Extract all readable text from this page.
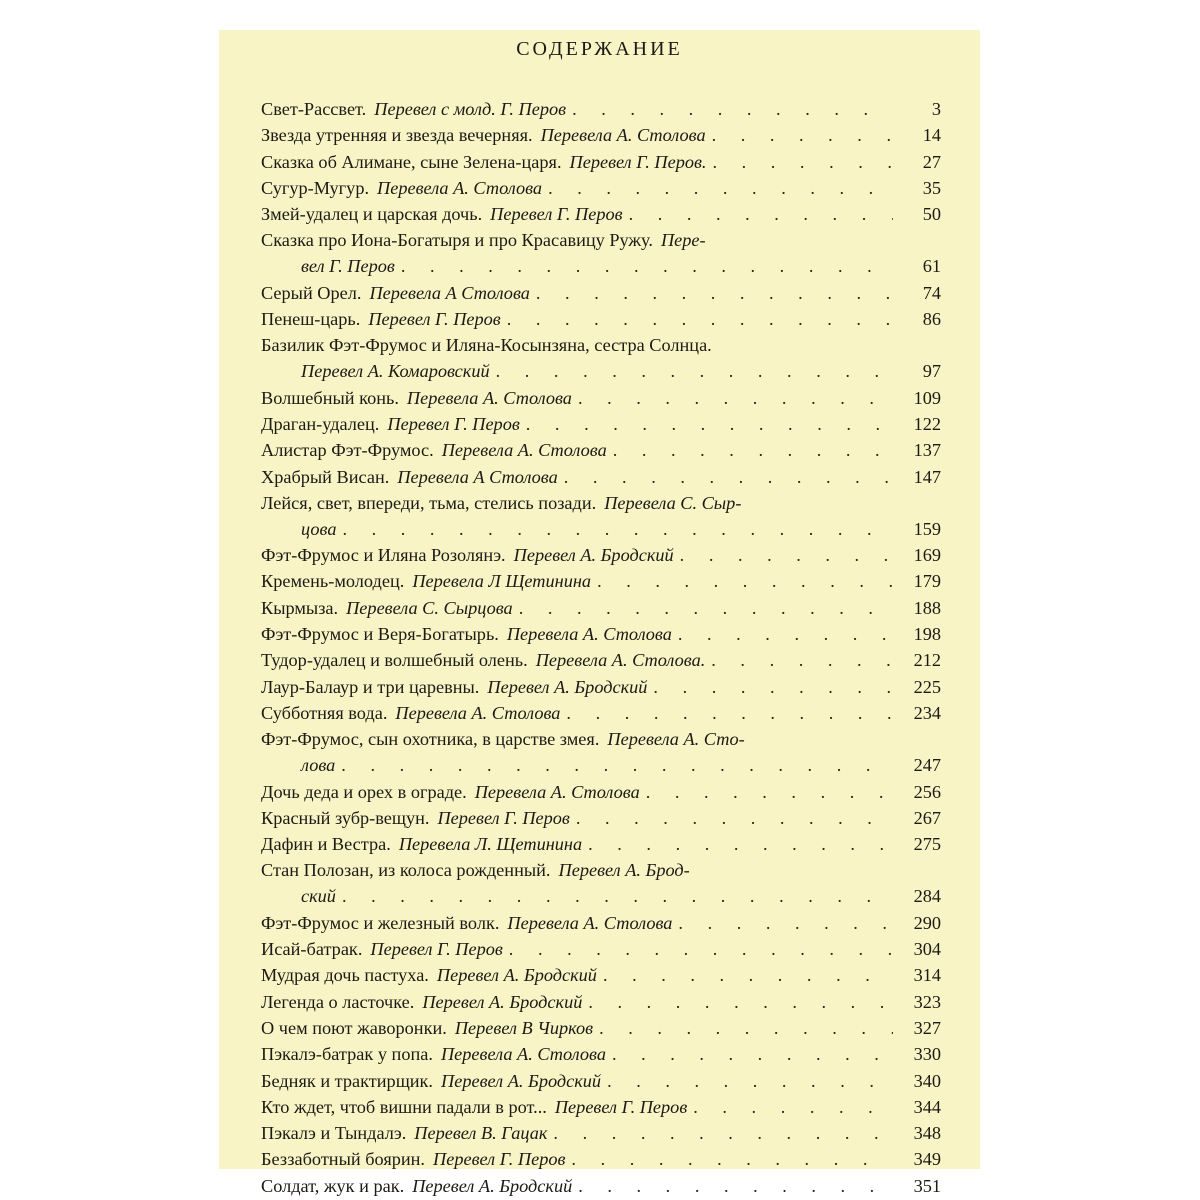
СОДЕРЖАНИЕ
Свет-Рассвет. Перевел с молд. Г. Перов . . .	3
Звезда утренняя и звезда вечерняя. Перевела А. Столова . . .	14
Сказка об Алимане, сыне Зелена-царя. Перевел Г. Перов. . . .	27
Сугур-Мугур. Перевела А. Столова . . .	35
Змей-удалец и царская дочь. Перевел Г. Перов . . .	50
Сказка про Иона-Богатыря и про Красавицу Ружу. Пере-
вел Г. Перов . . .	61
Серый Орел. Перевела А Столова . . .	74
Пенеш-царь. Перевел Г. Перов . . .	86
Базилик Фэт-Фрумос и Иляна-Косынзяна, сестра Солнца.
Перевел А. Комаровский . . .	97
Волшебный конь. Перевела А. Столова . . .	109
Драган-удалец. Перевел Г. Перов . . .	122
Алистар Фэт-Фрумос. Перевела А. Столова . . .	137
Храбрый Висан. Перевела А Столова . . .	147
Лейся, свет, впереди, тьма, стелись позади. Перевела С. Сыр-
цова . . .	159
Фэт-Фрумос и Иляна Розолянэ. Перевел А. Бродский . . .	169
Кремень-молодец. Перевела Л Щетинина . . .	179
Кырмыза. Перевела С. Сырцова . . .	188
Фэт-Фрумос и Веря-Богатырь. Перевела А. Столова . . .	198
Тудор-удалец и волшебный олень. Перевела А. Столова. . . .	212
Лаур-Балаур и три царевны. Перевел А. Бродский . . .	225
Субботняя вода. Перевела А. Столова . . .	234
Фэт-Фрумос, сын охотника, в царстве змея. Перевела А. Сто-
лова . . .	247
Дочь деда и орех в ограде. Перевела А. Столова . . .	256
Красный зубр-вещун. Перевел Г. Перов . . .	267
Дафин и Вестра. Перевела Л. Щетинина . . .	275
Стан Полозан, из колоса рожденный. Перевел А. Брод-
ский . . .	284
Фэт-Фрумос и железный волк. Перевела А. Столова . . .	290
Исай-батрак. Перевел Г. Перов . . .	304
Мудрая дочь пастуха. Перевел А. Бродский . . .	314
Легенда о ласточке. Перевел А. Бродский . . .	323
О чем поют жаворонки. Перевел В Чирков . . .	327
Пэкалэ-батрак у попа. Перевела А. Столова . . .	330
Бедняк и трактирщик. Перевел А. Бродский . . .	340
Кто ждет, чтоб вишни падали в рот... Перевел Г. Перов . . .	344
Пэкалэ и Тындалэ. Перевел В. Гацак . . .	348
Беззаботный боярин. Перевел Г. Перов . . .	349
Солдат, жук и рак. Перевел А. Бродский . . .	351
